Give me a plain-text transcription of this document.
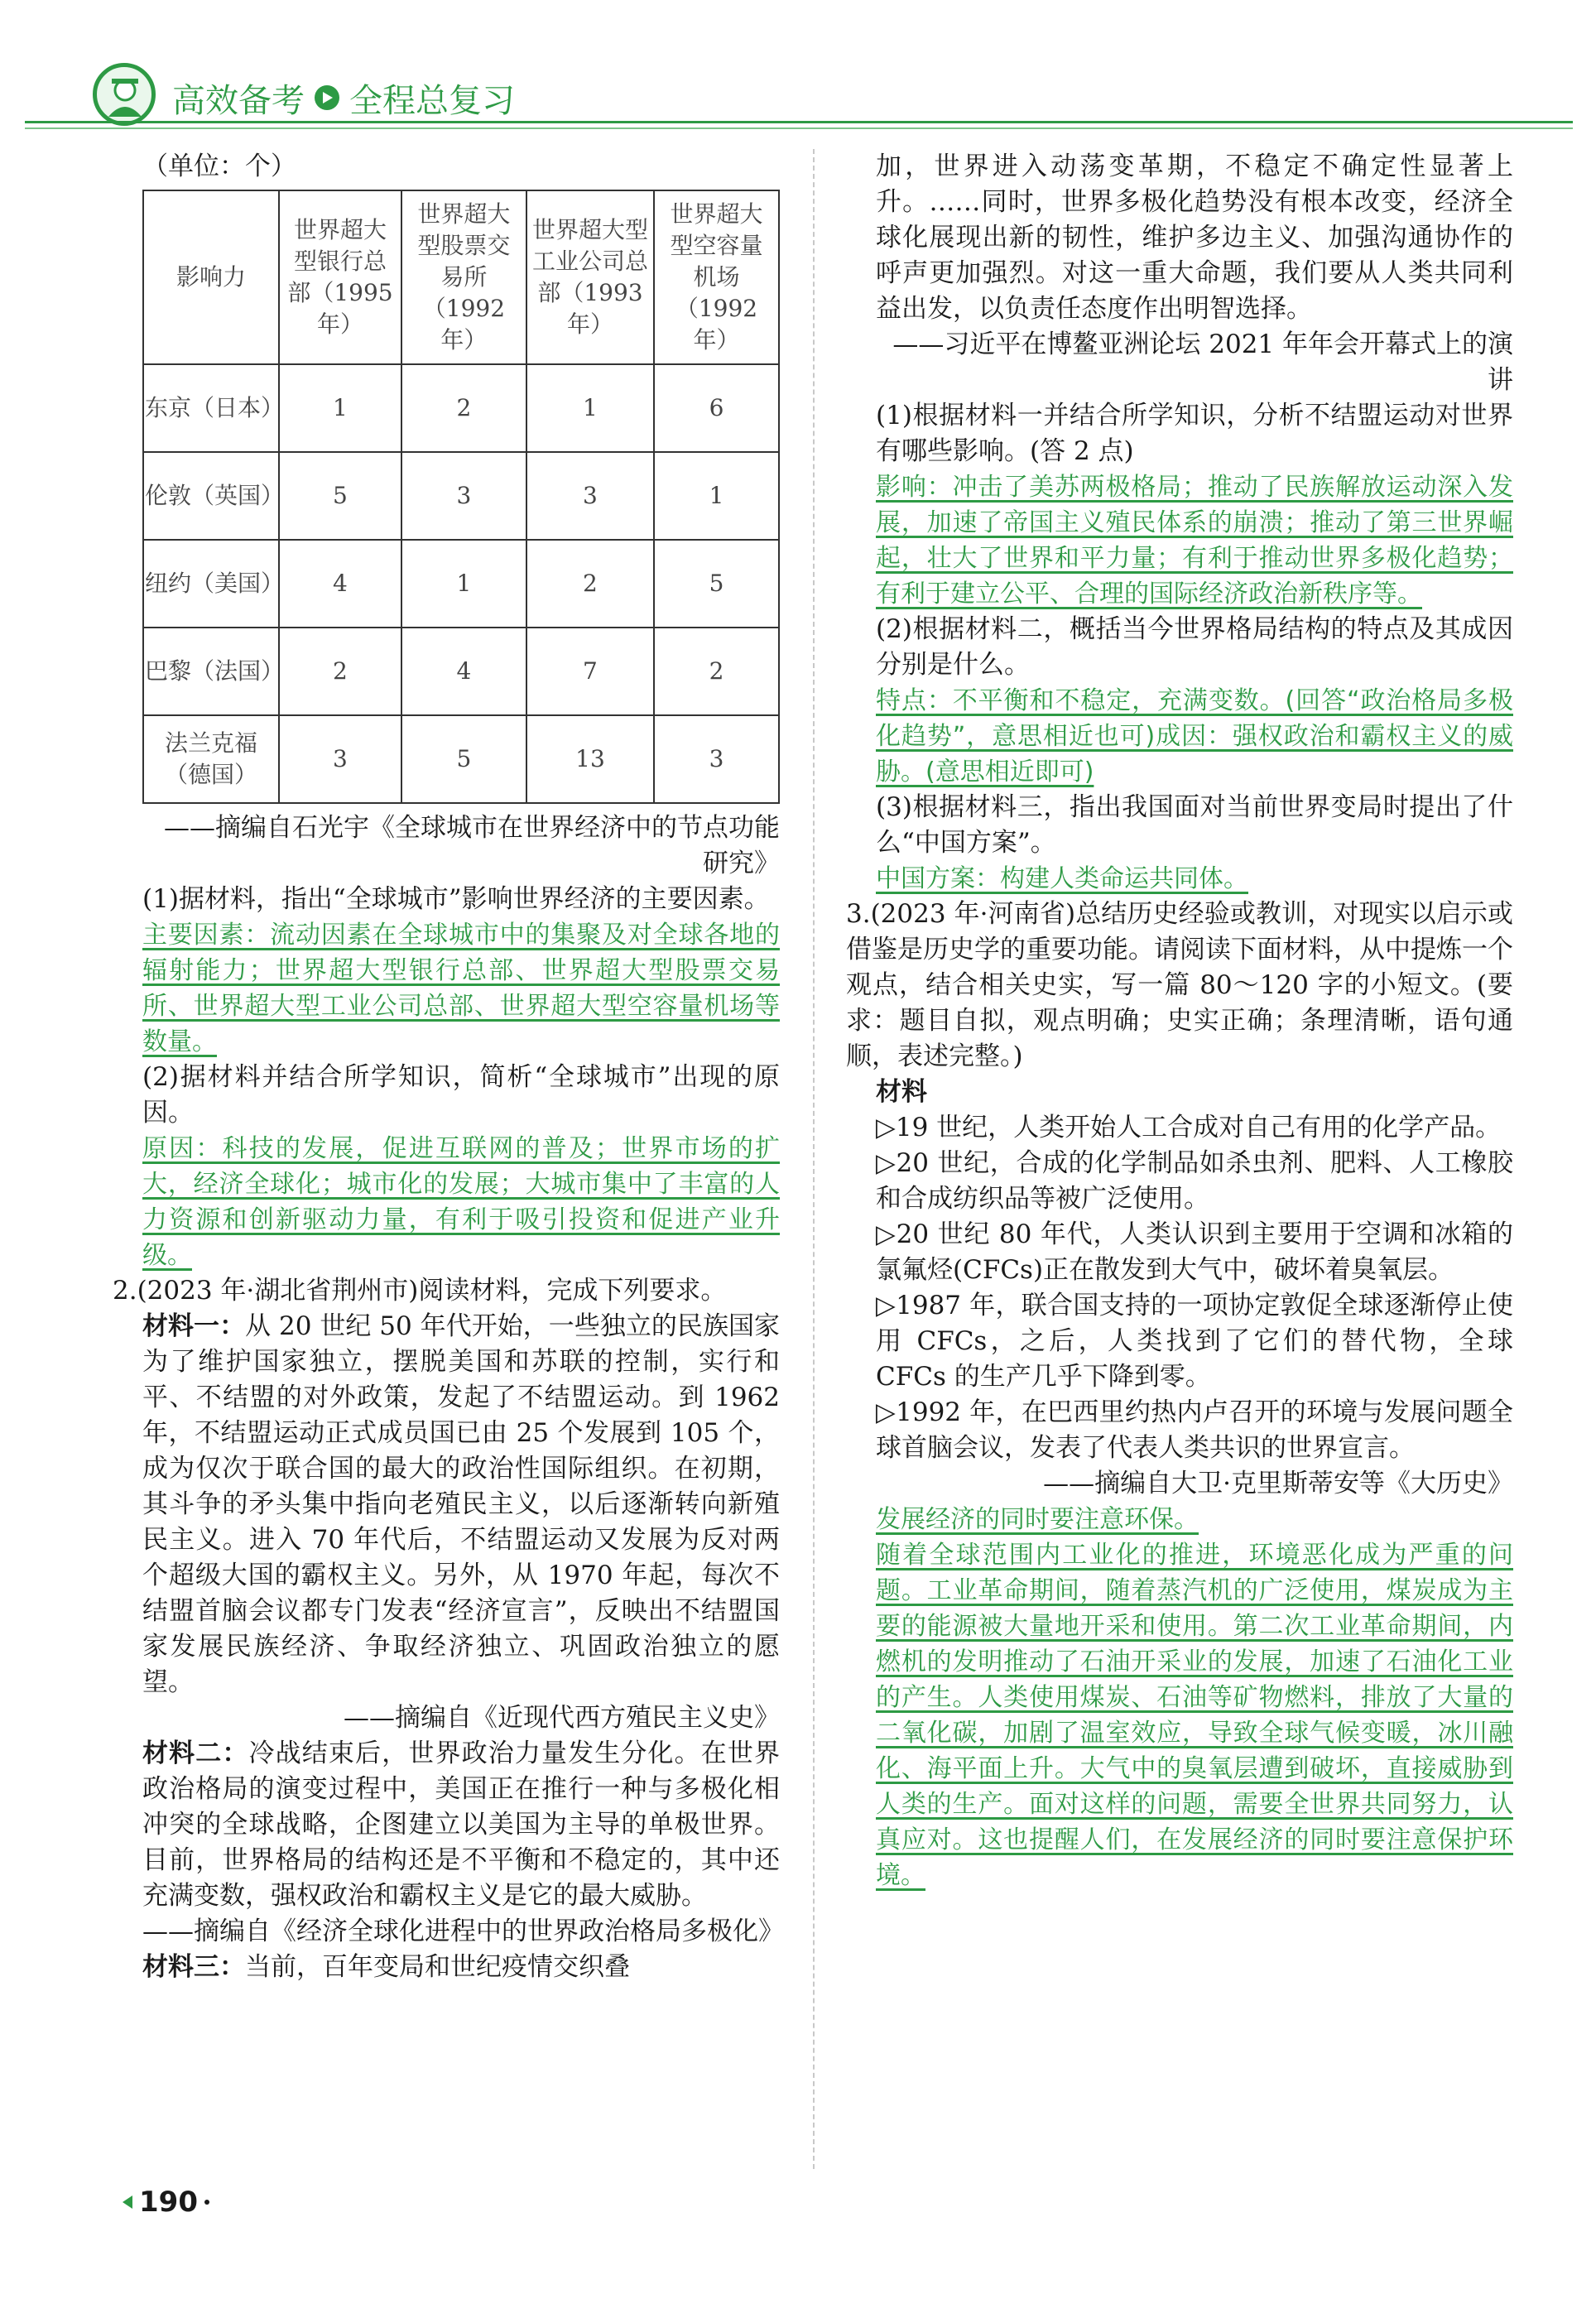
高效备考 全程总复习

（单位：个）

影响力	世界超大型银行总部（1995 年）	世界超大型股票交易所（1992 年）	世界超大型工业公司总部（1993 年）	世界超大型空容量机场（1992 年）
东京（日本）	1	2	1	6
伦敦（英国）	5	3	3	1
纽约（美国）	4	1	2	5
巴黎（法国）	2	4	7	2
法兰克福（德国）	3	5	13	3

——摘编自石光宇《全球城市在世界经济中的节点功能研究》

(1)据材料，指出“全球城市”影响世界经济的主要因素。

主要因素：流动因素在全球城市中的集聚及对全球各地的辐射能力；世界超大型银行总部、世界超大型股票交易所、世界超大型工业公司总部、世界超大型空容量机场等数量。

(2)据材料并结合所学知识，简析“全球城市”出现的原因。

原因：科技的发展，促进互联网的普及；世界市场的扩大，经济全球化；城市化的发展；大城市集中了丰富的人力资源和创新驱动力量，有利于吸引投资和促进产业升级。

2.(2023 年·湖北省荆州市)阅读材料，完成下列要求。

材料一：从 20 世纪 50 年代开始，一些独立的民族国家为了维护国家独立，摆脱美国和苏联的控制，实行和平、不结盟的对外政策，发起了不结盟运动。到 1962 年，不结盟运动正式成员国已由 25 个发展到 105 个，成为仅次于联合国的最大的政治性国际组织。在初期，其斗争的矛头集中指向老殖民主义，以后逐渐转向新殖民主义。进入 70 年代后，不结盟运动又发展为反对两个超级大国的霸权主义。另外，从 1970 年起，每次不结盟首脑会议都专门发表“经济宣言”，反映出不结盟国家发展民族经济、争取经济独立、巩固政治独立的愿望。

——摘编自《近现代西方殖民主义史》

材料二：冷战结束后，世界政治力量发生分化。在世界政治格局的演变过程中，美国正在推行一种与多极化相冲突的全球战略，企图建立以美国为主导的单极世界。目前，世界格局的结构还是不平衡和不稳定的，其中还充满变数，强权政治和霸权主义是它的最大威胁。

——摘编自《经济全球化进程中的世界政治格局多极化》

材料三：当前，百年变局和世纪疫情交织叠

加，世界进入动荡变革期，不稳定不确定性显著上升。……同时，世界多极化趋势没有根本改变，经济全球化展现出新的韧性，维护多边主义、加强沟通协作的呼声更加强烈。对这一重大命题，我们要从人类共同利益出发，以负责任态度作出明智选择。

——习近平在博鳌亚洲论坛 2021 年年会开幕式上的演讲

(1)根据材料一并结合所学知识，分析不结盟运动对世界有哪些影响。(答 2 点)

影响：冲击了美苏两极格局；推动了民族解放运动深入发展，加速了帝国主义殖民体系的崩溃；推动了第三世界崛起，壮大了世界和平力量；有利于推动世界多极化趋势；有利于建立公平、合理的国际经济政治新秩序等。

(2)根据材料二，概括当今世界格局结构的特点及其成因分别是什么。

特点：不平衡和不稳定，充满变数。(回答“政治格局多极化趋势”，意思相近也可)成因：强权政治和霸权主义的威胁。(意思相近即可)

(3)根据材料三，指出我国面对当前世界变局时提出了什么“中国方案”。

中国方案：构建人类命运共同体。

3.(2023 年·河南省)总结历史经验或教训，对现实以启示或借鉴是历史学的重要功能。请阅读下面材料，从中提炼一个观点，结合相关史实，写一篇 80～120 字的小短文。(要求：题目自拟，观点明确；史实正确；条理清晰，语句通顺，表述完整。)

材料

▷19 世纪，人类开始人工合成对自己有用的化学产品。

▷20 世纪，合成的化学制品如杀虫剂、肥料、人工橡胶和合成纺织品等被广泛使用。

▷20 世纪 80 年代，人类认识到主要用于空调和冰箱的氯氟烃(CFCs)正在散发到大气中，破坏着臭氧层。

▷1987 年，联合国支持的一项协定敦促全球逐渐停止使用 CFCs，之后，人类找到了它们的替代物，全球 CFCs 的生产几乎下降到零。

▷1992 年，在巴西里约热内卢召开的环境与发展问题全球首脑会议，发表了代表人类共识的世界宣言。

——摘编自大卫·克里斯蒂安等《大历史》

发展经济的同时要注意环保。

随着全球范围内工业化的推进，环境恶化成为严重的问题。工业革命期间，随着蒸汽机的广泛使用，煤炭成为主要的能源被大量地开采和使用。第二次工业革命期间，内燃机的发明推动了石油开采业的发展，加速了石油化工业的产生。人类使用煤炭、石油等矿物燃料，排放了大量的二氧化碳，加剧了温室效应，导致全球气候变暖，冰川融化、海平面上升。大气中的臭氧层遭到破坏，直接威胁到人类的生产。面对这样的问题，需要全世界共同努力，认真应对。这也提醒人们，在发展经济的同时要注意保护环境。

190
